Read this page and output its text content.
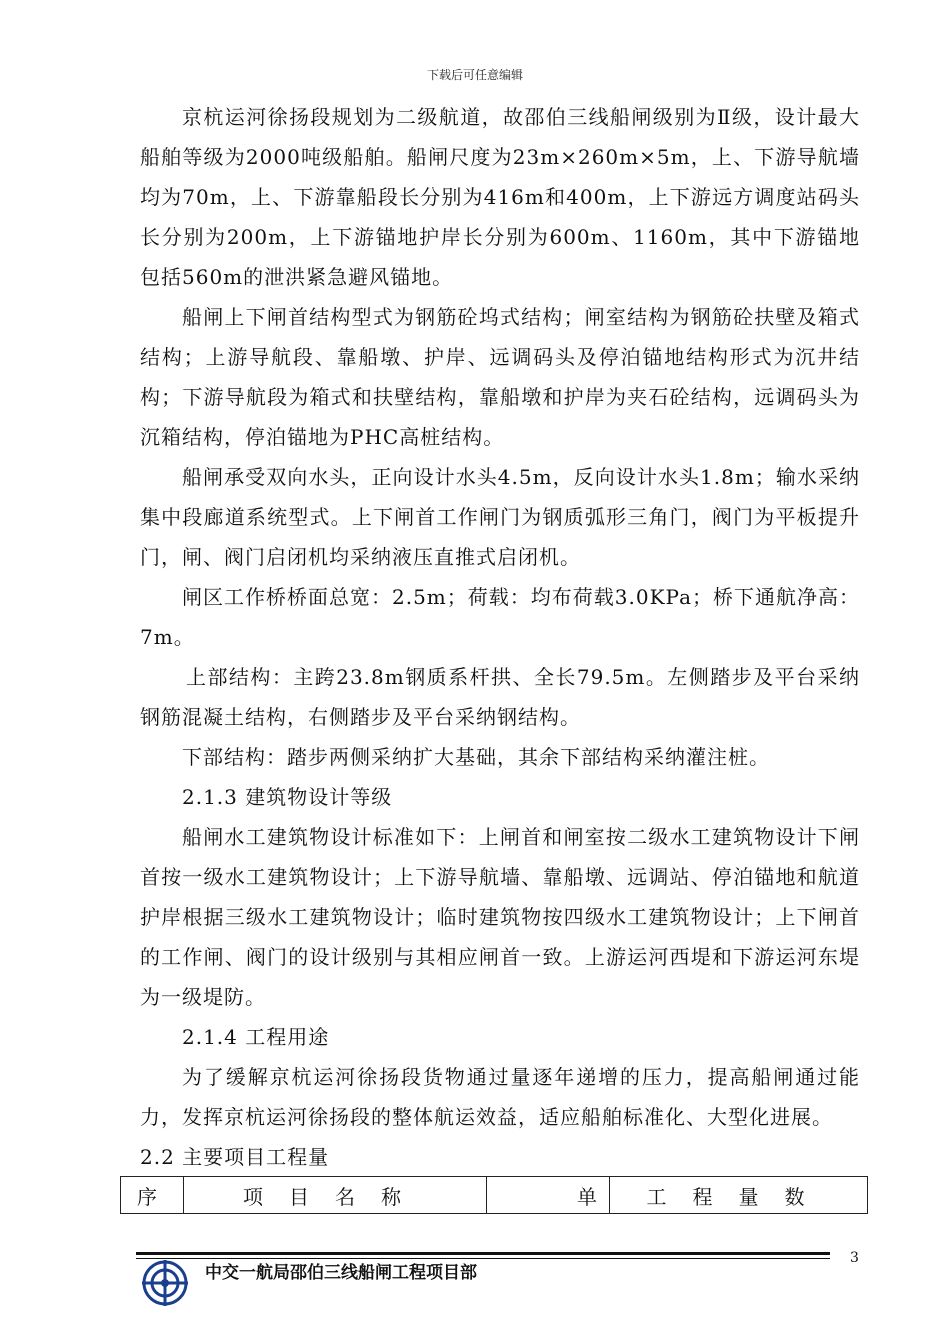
下载后可任意编辑

京杭运河徐扬段规划为二级航道，故邵伯三线船闸级别为Ⅱ级，设计最大船舶等级为2000吨级船舶。船闸尺度为23m×260m×5m，上、下游导航墙均为70m，上、下游靠船段长分别为416m和400m，上下游远方调度站码头长分别为200m，上下游锚地护岸长分别为600m、1160m，其中下游锚地包括560m的泄洪紧急避风锚地。

船闸上下闸首结构型式为钢筋砼坞式结构；闸室结构为钢筋砼扶壁及箱式结构；上游导航段、靠船墩、护岸、远调码头及停泊锚地结构形式为沉井结构；下游导航段为箱式和扶壁结构，靠船墩和护岸为夹石砼结构，远调码头为沉箱结构，停泊锚地为PHC高桩结构。

船闸承受双向水头，正向设计水头4.5m，反向设计水头1.8m；输水采纳集中段廊道系统型式。上下闸首工作闸门为钢质弧形三角门，阀门为平板提升门，闸、阀门启闭机均采纳液压直推式启闭机。

闸区工作桥桥面总宽：2.5m；荷载：均布荷载3.0KPa；桥下通航净高：7m。

上部结构：主跨23.8m钢质系杆拱、全长79.5m。左侧踏步及平台采纳钢筋混凝土结构，右侧踏步及平台采纳钢结构。

下部结构：踏步两侧采纳扩大基础，其余下部结构采纳灌注桩。

2.1.3 建筑物设计等级

船闸水工建筑物设计标准如下：上闸首和闸室按二级水工建筑物设计下闸首按一级水工建筑物设计；上下游导航墙、靠船墩、远调站、停泊锚地和航道护岸根据三级水工建筑物设计；临时建筑物按四级水工建筑物设计；上下闸首的工作闸、阀门的设计级别与其相应闸首一致。上游运河西堤和下游运河东堤为一级堤防。

2.1.4 工程用途

为了缓解京杭运河徐扬段货物通过量逐年递增的压力，提高船闸通过能力，发挥京杭运河徐扬段的整体航运效益，适应船舶标准化、大型化进展。

2.2 主要项目工程量

序	项目名称	单	工程量数
3
中交一航局邵伯三线船闸工程项目部
